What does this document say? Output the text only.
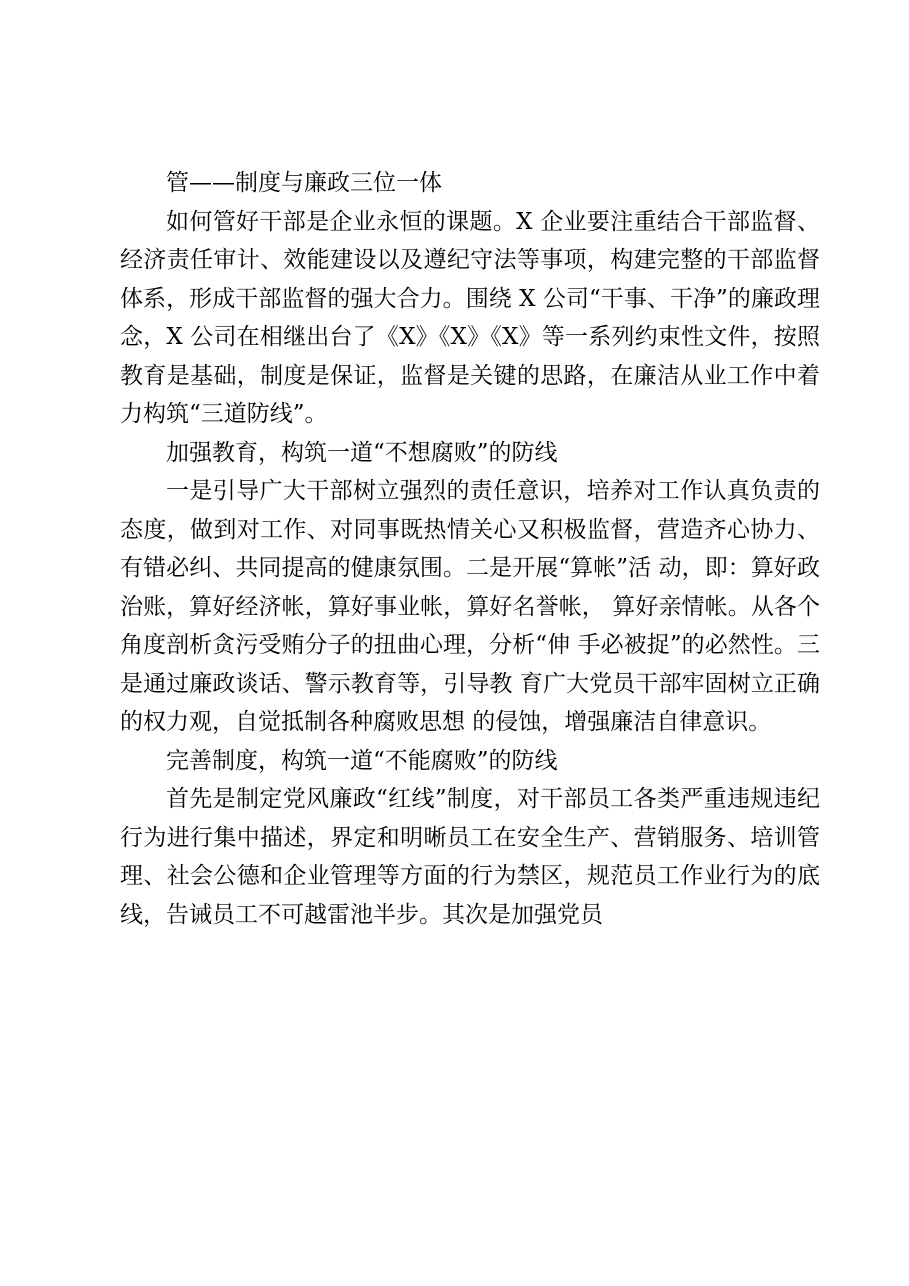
管——制度与廉政三位一体

如何管好干部是企业永恒的课题。X 企业要注重结合干部监督、经济责任审计、效能建设以及遵纪守法等事项，构建完整的干部监督体系，形成干部监督的强大合力。围绕 X 公司“干事、干净”的廉政理念，X 公司在相继出台了《X》《X》《X》等一系列约束性文件，按照教育是基础，制度是保证，监督是关键的思路，在廉洁从业工作中着力构筑“三道防线”。

加强教育，构筑一道“不想腐败”的防线

一是引导广大干部树立强烈的责任意识，培养对工作认真负责的态度，做到对工作、对同事既热情关心又积极监督，营造齐心协力、有错必纠、共同提高的健康氛围。二是开展“算帐”活 动，即：算好政治账，算好经济帐，算好事业帐，算好名誉帐， 算好亲情帐。从各个角度剖析贪污受贿分子的扭曲心理，分析“伸 手必被捉”的必然性。三是通过廉政谈话、警示教育等，引导教 育广大党员干部牢固树立正确的权力观，自觉抵制各种腐败思想 的侵蚀，增强廉洁自律意识。

完善制度，构筑一道“不能腐败”的防线

首先是制定党风廉政“红线”制度，对干部员工各类严重违规违纪行为进行集中描述，界定和明晰员工在安全生产、营销服务、培训管理、社会公德和企业管理等方面的行为禁区，规范员工作业行为的底线，告诫员工不可越雷池半步。其次是加强党员
